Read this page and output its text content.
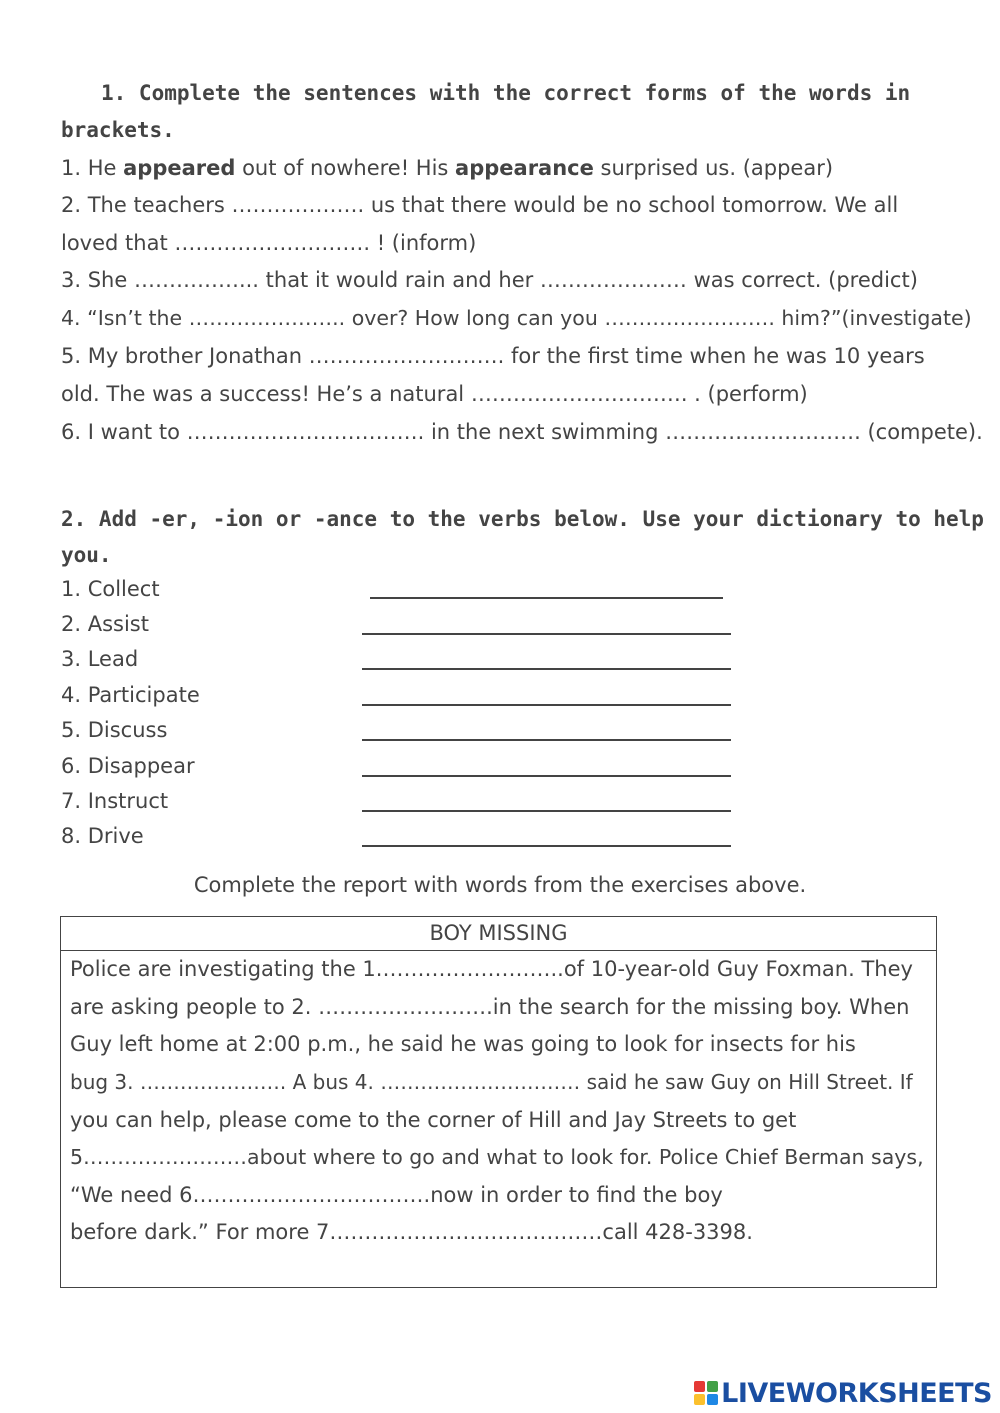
1. Complete the sentences with the correct forms of the words in
brackets.
1. He appeared out of nowhere! His appearance surprised us. (appear)
2. The teachers ………………. us that there would be no school tomorrow. We all
loved that ………………………. ! (inform)
3. She ……………... that it would rain and her ………………… was correct. (predict)
4. “Isn’t the ………………….. over? How long can you ……………………. him?”(investigate)
5. My brother Jonathan ………………………. for the first time when he was 10 years
old. The was a success! He’s a natural …………………………. . (perform)
6. I want to ……………………………. in the next swimming ………………………. (compete).
2. Add -er, -ion or -ance to the verbs below. Use your dictionary to help
you.
1. Collect
2. Assist
3. Lead
4. Participate
5. Discuss
6. Disappear
7. Instruct
8. Drive
Complete the report with words from the exercises above.
BOY MISSING
Police are investigating the 1.……………………..of 10-year-old Guy Foxman. They
are asking people to 2. …………………….in the search for the missing boy. When
Guy left home at 2:00 p.m., he said he was going to look for insects for his
bug 3. …………………. A bus 4. ………………………… said he saw Guy on Hill Street. If
you can help, please come to the corner of Hill and Jay Streets to get
5……………………about where to go and what to look for. Police Chief Berman says,
“We need 6…………………………….now in order to find the boy
before dark.” For more 7…………………………………call 428-3398.
LIVEWORKSHEETS
